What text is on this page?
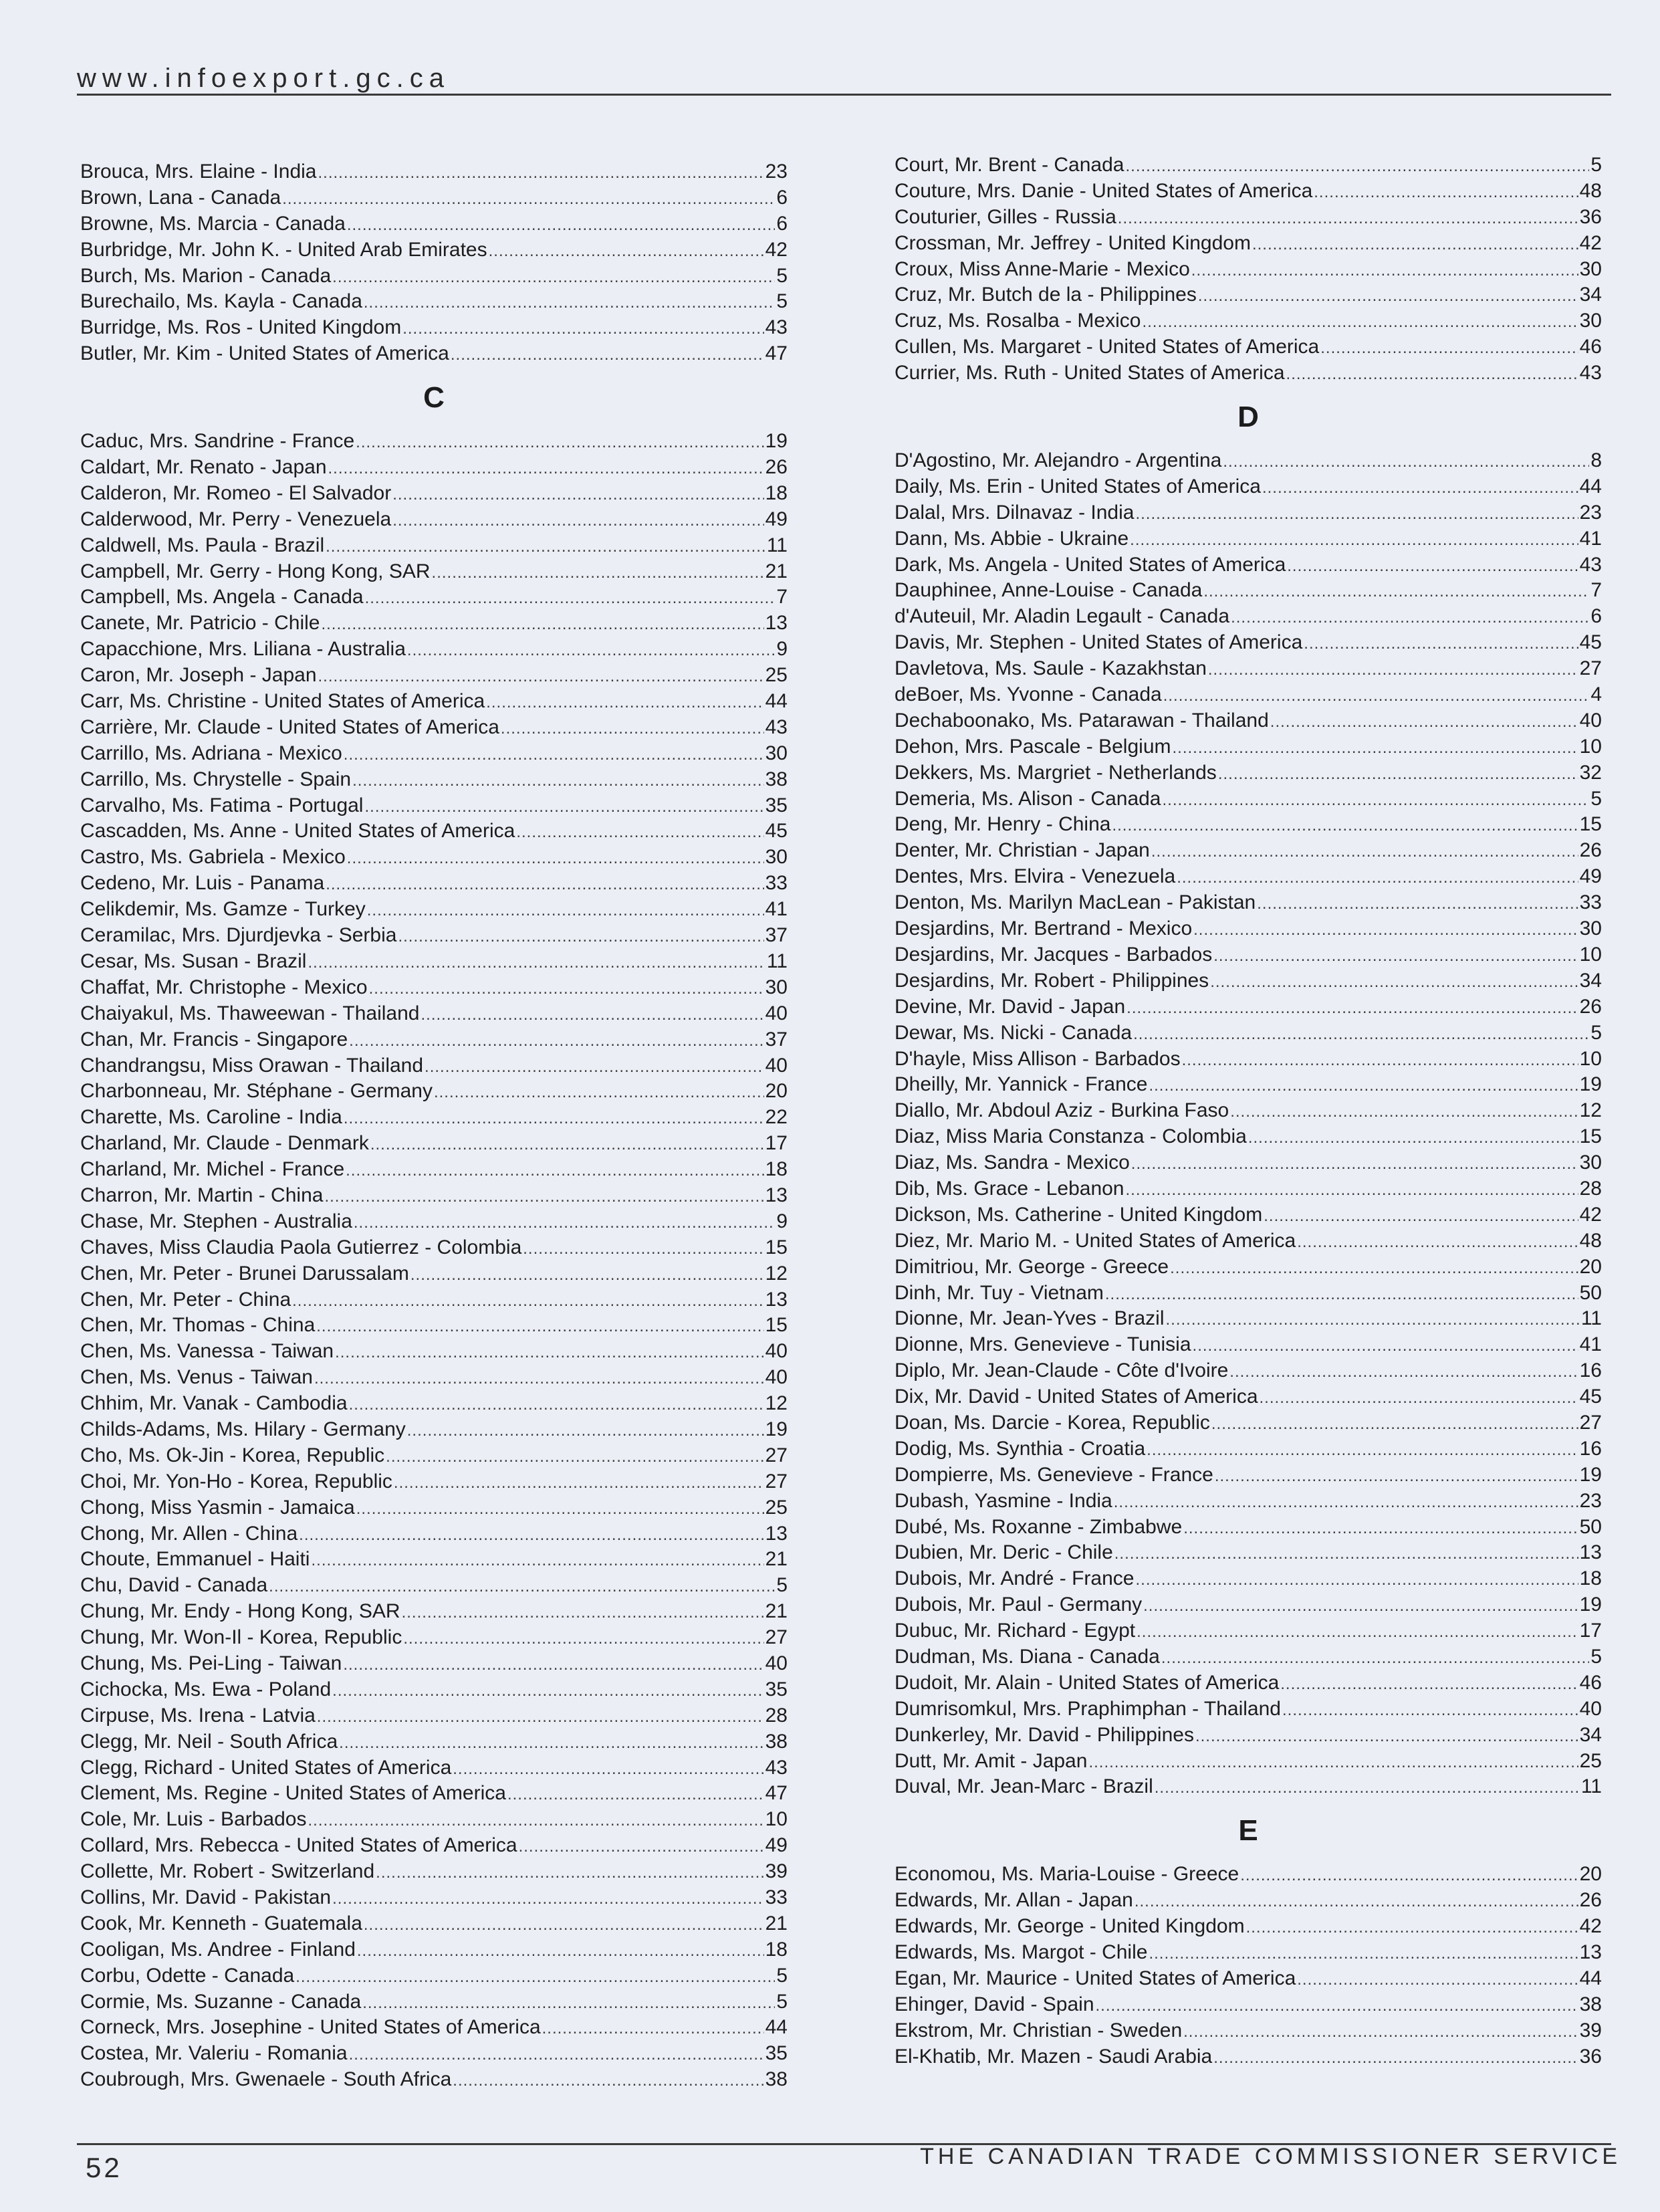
www.infoexport.gc.ca
Brouca, Mrs. Elaine - India .....	23
Brown, Lana - Canada .....	6
Browne, Ms. Marcia - Canada .....	6
Burbridge, Mr. John K. - United Arab Emirates .....	42
Burch, Ms. Marion - Canada .....	5
Burechailo, Ms. Kayla - Canada .....	5
Burridge, Ms. Ros - United Kingdom .....	43
Butler, Mr. Kim - United States of America .....	47
C
Caduc, Mrs. Sandrine - France .....	19
Caldart, Mr. Renato - Japan .....	26
Calderon, Mr. Romeo - El Salvador .....	18
Calderwood, Mr. Perry - Venezuela .....	49
Caldwell, Ms. Paula - Brazil .....	11
Campbell, Mr. Gerry - Hong Kong, SAR .....	21
Campbell, Ms. Angela - Canada .....	7
Canete, Mr. Patricio - Chile .....	13
Capacchione, Mrs. Liliana - Australia .....	9
Caron, Mr. Joseph - Japan .....	25
Carr, Ms. Christine - United States of America .....	44
Carrière, Mr. Claude - United States of America .....	43
Carrillo, Ms. Adriana - Mexico .....	30
Carrillo, Ms. Chrystelle - Spain .....	38
Carvalho, Ms. Fatima - Portugal .....	35
Cascadden, Ms. Anne - United States of America .....	45
Castro, Ms. Gabriela - Mexico .....	30
Cedeno, Mr. Luis - Panama .....	33
Celikdemir, Ms. Gamze - Turkey .....	41
Ceramilac, Mrs. Djurdjevka - Serbia .....	37
Cesar, Ms. Susan - Brazil .....	11
Chaffat, Mr. Christophe - Mexico .....	30
Chaiyakul, Ms. Thaweewan - Thailand .....	40
Chan, Mr. Francis - Singapore .....	37
Chandrangsu, Miss Orawan - Thailand .....	40
Charbonneau, Mr. Stéphane - Germany .....	20
Charette, Ms. Caroline - India .....	22
Charland, Mr. Claude - Denmark .....	17
Charland, Mr. Michel - France .....	18
Charron, Mr. Martin - China .....	13
Chase, Mr. Stephen - Australia .....	9
Chaves, Miss Claudia Paola Gutierrez - Colombia .....	15
Chen, Mr. Peter - Brunei Darussalam .....	12
Chen, Mr. Peter - China .....	13
Chen, Mr. Thomas - China .....	15
Chen, Ms. Vanessa - Taiwan .....	40
Chen, Ms. Venus - Taiwan .....	40
Chhim, Mr. Vanak - Cambodia .....	12
Childs-Adams, Ms. Hilary - Germany .....	19
Cho, Ms. Ok-Jin - Korea, Republic .....	27
Choi, Mr. Yon-Ho - Korea, Republic .....	27
Chong, Miss Yasmin - Jamaica .....	25
Chong, Mr. Allen - China .....	13
Choute, Emmanuel - Haiti .....	21
Chu, David - Canada .....	5
Chung, Mr. Endy - Hong Kong, SAR .....	21
Chung, Mr. Won-Il - Korea, Republic .....	27
Chung, Ms. Pei-Ling - Taiwan .....	40
Cichocka, Ms. Ewa - Poland .....	35
Cirpuse, Ms. Irena - Latvia .....	28
Clegg, Mr. Neil - South Africa .....	38
Clegg, Richard - United States of America .....	43
Clement, Ms. Regine - United States of America .....	47
Cole, Mr. Luis - Barbados .....	10
Collard, Mrs. Rebecca - United States of America .....	49
Collette, Mr. Robert - Switzerland .....	39
Collins, Mr. David - Pakistan .....	33
Cook, Mr. Kenneth - Guatemala .....	21
Cooligan, Ms. Andree - Finland .....	18
Corbu, Odette - Canada .....	5
Cormie, Ms. Suzanne - Canada .....	5
Corneck, Mrs. Josephine - United States of America .....	44
Costea, Mr. Valeriu - Romania .....	35
Coubrough, Mrs. Gwenaele - South Africa .....	38
Court, Mr. Brent - Canada .....	5
Couture, Mrs. Danie - United States of America .....	48
Couturier, Gilles - Russia .....	36
Crossman, Mr. Jeffrey - United Kingdom .....	42
Croux, Miss Anne-Marie - Mexico .....	30
Cruz, Mr. Butch de la - Philippines .....	34
Cruz, Ms. Rosalba - Mexico .....	30
Cullen, Ms. Margaret - United States of America .....	46
Currier, Ms. Ruth - United States of America .....	43
D
D'Agostino, Mr. Alejandro - Argentina .....	8
Daily, Ms. Erin - United States of America .....	44
Dalal, Mrs. Dilnavaz - India .....	23
Dann, Ms. Abbie - Ukraine .....	41
Dark, Ms. Angela - United States of America .....	43
Dauphinee, Anne-Louise - Canada .....	7
d'Auteuil, Mr. Aladin Legault - Canada .....	6
Davis, Mr. Stephen - United States of America .....	45
Davletova, Ms. Saule - Kazakhstan .....	27
deBoer, Ms. Yvonne - Canada .....	4
Dechaboonako, Ms. Patarawan - Thailand .....	40
Dehon, Mrs. Pascale - Belgium .....	10
Dekkers, Ms. Margriet - Netherlands .....	32
Demeria, Ms. Alison - Canada .....	5
Deng, Mr. Henry - China .....	15
Denter, Mr. Christian - Japan .....	26
Dentes, Mrs. Elvira - Venezuela .....	49
Denton, Ms. Marilyn MacLean - Pakistan .....	33
Desjardins, Mr. Bertrand - Mexico .....	30
Desjardins, Mr. Jacques - Barbados .....	10
Desjardins, Mr. Robert - Philippines .....	34
Devine, Mr. David - Japan .....	26
Dewar, Ms. Nicki - Canada .....	5
D'hayle, Miss Allison - Barbados .....	10
Dheilly, Mr. Yannick - France .....	19
Diallo, Mr. Abdoul Aziz - Burkina Faso .....	12
Diaz, Miss Maria Constanza - Colombia .....	15
Diaz, Ms. Sandra - Mexico .....	30
Dib, Ms. Grace - Lebanon .....	28
Dickson, Ms. Catherine - United Kingdom .....	42
Diez, Mr. Mario M. - United States of America .....	48
Dimitriou, Mr. George - Greece .....	20
Dinh, Mr. Tuy - Vietnam .....	50
Dionne, Mr. Jean-Yves - Brazil .....	11
Dionne, Mrs. Genevieve - Tunisia .....	41
Diplo, Mr. Jean-Claude - Côte d'Ivoire .....	16
Dix, Mr. David - United States of America .....	45
Doan, Ms. Darcie - Korea, Republic .....	27
Dodig, Ms. Synthia - Croatia .....	16
Dompierre, Ms. Genevieve - France .....	19
Dubash, Yasmine - India .....	23
Dubé, Ms. Roxanne - Zimbabwe .....	50
Dubien, Mr. Deric - Chile .....	13
Dubois, Mr. André - France .....	18
Dubois, Mr. Paul - Germany .....	19
Dubuc, Mr. Richard - Egypt .....	17
Dudman, Ms. Diana - Canada .....	5
Dudoit, Mr. Alain - United States of America .....	46
Dumrisomkul, Mrs. Praphimphan - Thailand .....	40
Dunkerley, Mr. David - Philippines .....	34
Dutt, Mr. Amit - Japan .....	25
Duval, Mr. Jean-Marc - Brazil .....	11
E
Economou, Ms. Maria-Louise - Greece .....	20
Edwards, Mr. Allan - Japan .....	26
Edwards, Mr. George - United Kingdom .....	42
Edwards, Ms. Margot - Chile .....	13
Egan, Mr. Maurice - United States of America .....	44
Ehinger, David - Spain .....	38
Ekstrom, Mr. Christian - Sweden .....	39
El-Khatib, Mr. Mazen - Saudi Arabia .....	36
52	THE CANADIAN TRADE COMMISSIONER SERVICE
